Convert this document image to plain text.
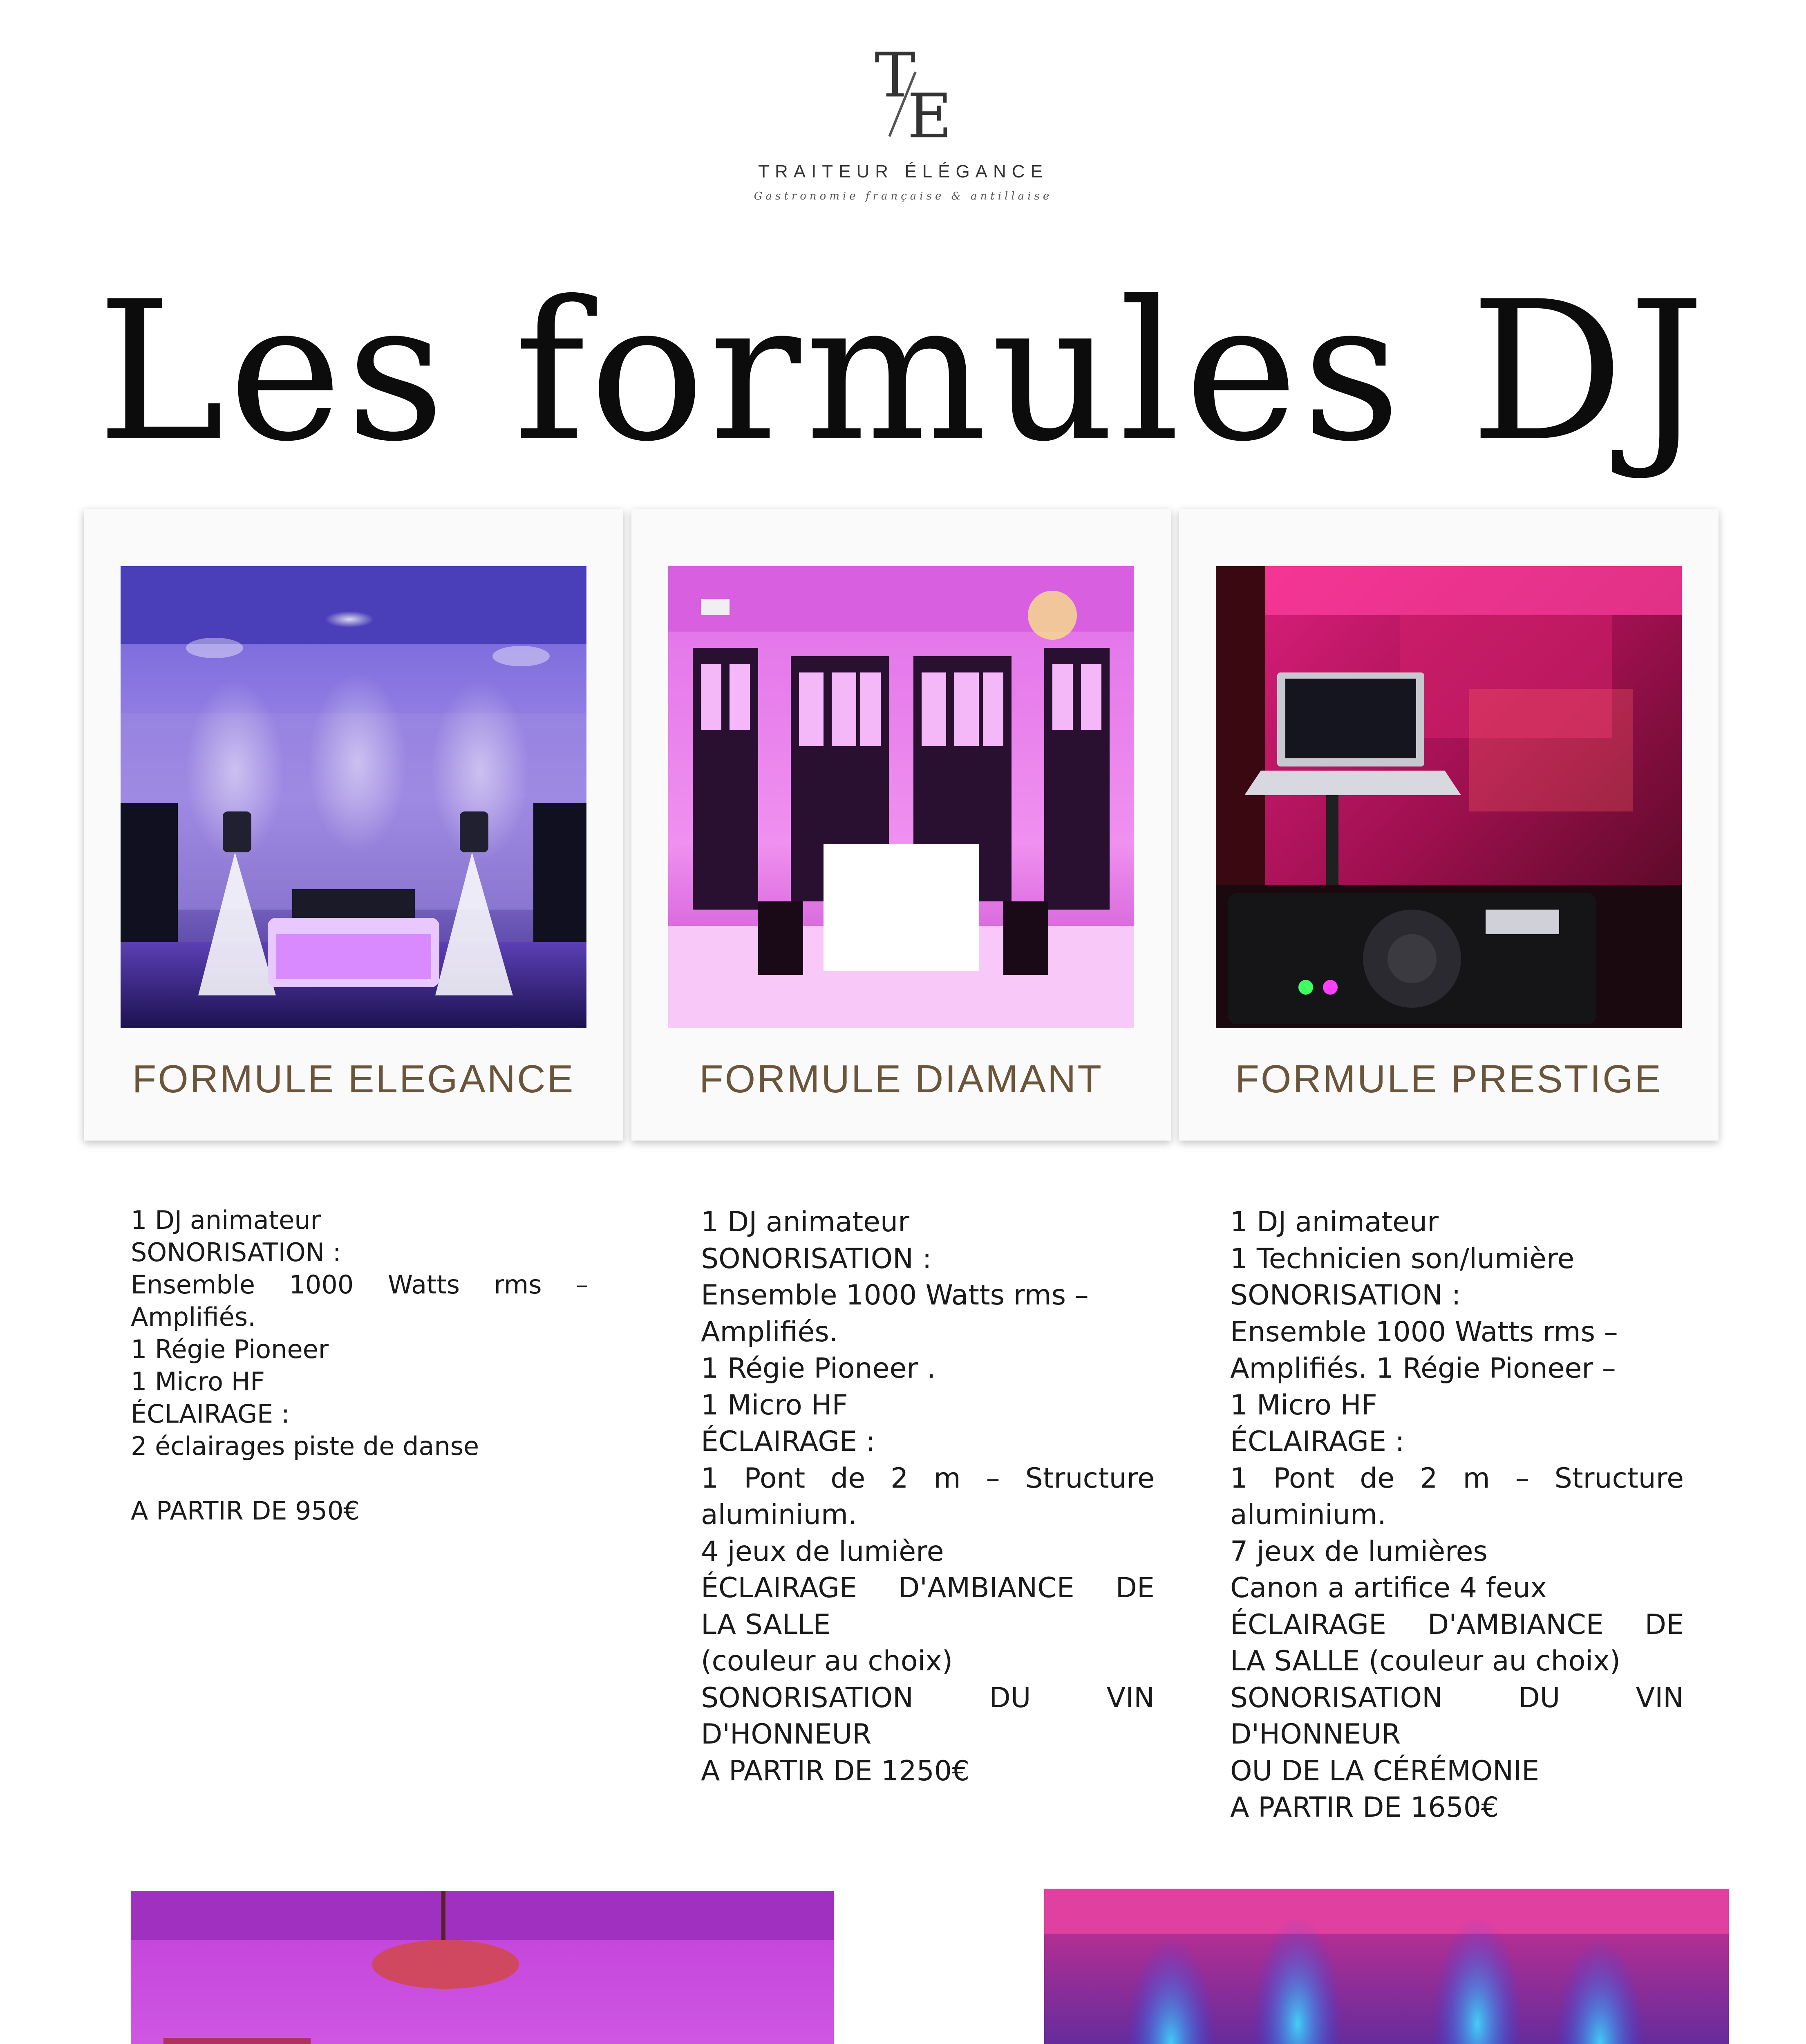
T
E
TRAITEUR ÉLÉGANCE
Gastronomie française & antillaise
Les formules DJ
FORMULE ELEGANCE	FORMULE DIAMANT	FORMULE PRESTIGE
1 DJ animateur
SONORISATION :
Ensemble 1000 Watts rms –
Amplifiés.
1 Régie Pioneer
1 Micro HF
ÉCLAIRAGE :
2 éclairages piste de danse

A PARTIR DE 950€
1 DJ animateur
SONORISATION :
Ensemble 1000 Watts rms –
Amplifiés.
1 Régie Pioneer .
1 Micro HF
ÉCLAIRAGE :
1 Pont de 2 m – Structure
aluminium.
4 jeux de lumière
ÉCLAIRAGE D'AMBIANCE DE
LA SALLE
(couleur au choix)
SONORISATION DU VIN
D'HONNEUR
A PARTIR DE 1250€
1 DJ animateur
1 Technicien son/lumière
SONORISATION :
Ensemble 1000 Watts rms –
Amplifiés. 1 Régie Pioneer –
1 Micro HF
ÉCLAIRAGE :
1 Pont de 2 m – Structure
aluminium.
7 jeux de lumières
Canon a artifice 4 feux
ÉCLAIRAGE D'AMBIANCE DE
LA SALLE (couleur au choix)
SONORISATION DU VIN
D'HONNEUR
OU DE LA CÉRÉMONIE
A PARTIR DE 1650€
